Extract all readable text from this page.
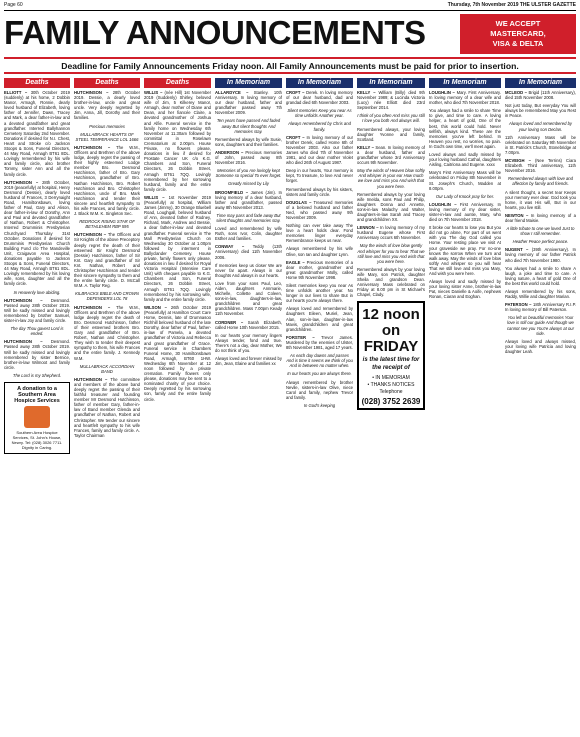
Page 60	Thursday, 7th November 2019 THE ULSTER GAZETTE
FAMILY ANNOUNCEMENTS	WE ACCEPT
MASTERCARD,
VISA & DELTA
Deadline for Family Announcements Friday noon. All Family Announcements must be paid for prior to insertion.
Deaths

ELLIOTT – 30th October 2019 (suddenly) at his home, 2 Dobbin Manor, Armagh, Ronnie, dearly loved husband of Elizabeth, loving father of Jennifer, Dawn, Tracey and Mark, a dear father-in-law and a devoted grandfather and great grandfather. Interred Ballyhannon Cemetery Saturday 2nd November. Donations if desired for N.I. Chest, Heart and Stroke c/o Jackson Stoops & Sons, Funeral Directors, 44 May Road, Armagh BT61 8DL. Lovingly remembered by his wife and family circle, also brother Tommy, sister Ann and all the family circle.

HUTCHINSON – 28th October, 2019 (peacefully) at hospital, Henry Desmond (Dessie), dearly loved husband of Frances, 3 Derrynaight Road, Hamiltonsbawn, loving father of Paul, Gary and Alison, dear father-in-law of Dorothy, Ann and Paul and devoted grandfather of Nathan, Robert & Christopher. Interred Drumminis Presbyterian Churchyard Thursday 31st October. Donations if desired for Drumminis Presbyterian Church Building Fund c/o The Mandeville Unit, Craigavon Area Hospital, donations payable to Jackson Stoops & Sons, Funeral Directors, 44 May Road, Armagh BT61 8DL. Lovingly remembered by his loving wife, sons, daughter and all the family circle.

In Heavenly love abiding.

HUTCHINSON – Desmond. Passed away 28th October 2019. Will be sadly missed and lovingly remembered by brother Samuel, sister-in-law Joy and family circle.

The day Thou gavest Lord is ended.

HUTCHINSON – Desmond. Passed away 28th October 2019. Will be sadly missed and lovingly remembered by sister Bernice, brother-in-law Wilmoot and family circle.

The Lord is my Shepherd.

A donation to a
Southern Area
Hospice Services
Southern Area Hospice Services, St. John's House, Newry. Tel: (028) 3026 7711. Dignity in Caring.
Deaths

HUTCHINSON – 28th October 2019. Dessie, a dearly loved brother-in-law, uncle and great uncle. Very deeply regretted by Jim, Anna, Jill, Dorothy and their families.

Precious memories

MULLABRACK HEARTS OF STEEL TEMPERANCE LOL 1666

HUTCHINSON – The W.M., Officers and Brethren of the above lodge, deeply regret the passing of their highly esteemed Lodge member Bro. Desmond Hutchinson, father of Bro. Gary Hutchinson, grandfather of Bro. Nathan Hutchinson, Bro. Robert Hutchinson and Bro. Christopher Hutchinson, uncle of Bro. Mark Hutchinson and tender their sincere and heartfelt sympathy to his wife Frances, and family circle. J. Black W.M. K. Singleton Sec.

REDROCK RISING STAR OF BETHLEHEM RBP 595

HUTCHINSON – The Officers and Sir Knights of the above Preceptory deeply regret the death of their esteemed Sir Knight Desmond (Dessie) Hutchinson, father of Sir Knt. Gary and grandfather of Sir Knt. Nathan, Robert and Christopher Hutchinson and tender their sincere sympathy to them and the entire family circle. D. McCall W.M. A. Taylor Reg.

KILBRACKS BIBLE AND CROWN DEFENDERS LOL 78

HUTCHINSON – The W.M., Officers and Brethren of the above lodge deeply regret the death of Bro. Desmond Hutchinson, father of their esteemed brothers Bro. Gary and grandfather of Bro. Robert, Nathan and Christopher. They wish to tender their deepest sympathy to them, his wife Frances and the entire family. J. Kennedy W.M.

MULLABRACK ACCORDIAN BAND

HUTCHINSON – The committee and members of the above band deeply regret the passing of their faithful treasurer and founding member Mr Desmond Hutchinson, father of member Gary, father-in-law of Band member Glenda and grandfather of Nathan, Robert and Christopher. We tender our sincere and heartfelt sympathy to his wife Frances, family and family circle. A. Taylor Chairman

Deaths

WILLIS – (née Hill) 1st November 2019 (Suddenly) Shirley, beloved wife of Jim, 5 Kilkerey Manor, Armagh, dear mother of Diane and Dean, and her fiancée Claire, a devoted grandmother of Joshua and Alfie. Funeral service in the family home on Wednesday 6th November at 11.30am followed by committal in Roselawn Crematorium at 2.00pm. House Private, no flowers please, donations in lieu if desired for Prostate Cancer UK c/o K.G. Chambers and Son, Funeral Directors, 26 Dobbin Street, Armagh BT61 7QQ. Lovingly remembered by her sorrowing husband, family and the entire family circle.

WILLIS – 1st November 2019 (Peacefully) at hospital, William James (Jimmy), 30 Orange Bluebell Road, Loughgall, beloved husband of Ann, devoted father of Rodney, Richard, Mark, Andrew and Bessie, a dear father-in-law and devoted grandfather. Funeral service in The Mall Presbyterian Church on Wednesday 30 October at 1.00pm followed by interment in Ballyclander Cemetery. House private, family flowers only please, donations in lieu if desired for Royal Victoria Hospital (Intensive Care Unit) with cheques payable to K.G. Chambers and Son, Funeral Directors, 26 Dobbin Street, Armagh BT61 7QQ. Lovingly remembered by his sorrowing wife, family and the entire family circle.

WILSON – 26th October 2019 (Peacefully) at Hamilton Court Care Home, Dennis, late of Drumnasoo Richhill beloved husband of the late Dorothy, dear father of Paul, father-in-law of Pamela, a devoted grandfather of Victoria and Rebecca and great grandfather of Grace. Funeral service in Chambers Funeral Home, 30 Hamiltonsbawn Road, Armagh, BT60 1HW. Wednesday 6th November at 12 noon followed by a private cremation. Family flowers only please, donations may be sent to a nominated charity of your choice. Deeply regretted by his sorrowing son, family and the entire family circle.

In Memoriam

ALLARDYCE – Stanley. 10th Anniversary. In loving memory of our dear husband, father and grandfather passed away 7th November 2009.

Ten years have passed And faded away But silent thoughts And memories stay.

Remembered always by wife Susie, sons, daughters and their families.

ANDERSON – Precious memories of John, passed away 8th November 2016.

Memories of you Are lovingly kept Someone so special To ever forget.

Greatly missed by Lily

BROOMFIELD – James (Jim). In loving memory of a dear husband, father and grandfather, passed away 8th November 2013.

Time may pass and fade away But silent thoughts and memories stay.

Loved and remembered by wife Ruth, sons Ivor, Colin, daughter Esther and families.

CONWAY – Teddy (13th Anniversary) died 11th November 2006.

If memories keep us closer We are never far apart. Always in our thoughts And always in our hearts.

Love from your sons Paul, Leo, Aiden, daughters Annmarie, Michelle, Collette and Coleen, sons-in-law, daughters-in-law, grandchildren and great grandchildren. Mass 7.00pm Keady 11th November.

CORDNER – Sarah Elizabeth, called Home 10th November 2015.

In our hearts your memory lingers Always tender, fond and true. There's not a day, dear Mother, We do not think of you.

Always loved and forever missed by Jim, Jean, Elaine and families xx

In Memoriam

CROFT – Derek. In loving memory of our dear husband, dad and grandad died 6th November 2003.

Silent memories Keep you near As time unfolds Another year.

Always remembered by Chris and family.

CROFT – In loving memory of our brother Derek, called Home 6th of November 2003. Also our father James who died 7th of November 1981, and our dear mother Violet who died 26th of August 1987.

Deep in our hearts, Your memory is kept, To treasure, to love And never forget.

Remembered always by his sisters, sisters and family circle.

DOUGLAS – Treasured memories of a beloved husband and father Ned, who passed away 9th November 2009.

Nothing can ever take away The love a heart holds dear. Fond memories linger everyday Remembrance keeps us near.

Always remembered by his wife Olive, son Ian and daughter Lynn.

EAGLE – Precious memories of a dear mother, grandmother and great grandmother Molly, called Home 9th November 1998.

Silent memories keep you near As time unfolds another year. No longer in our lives to share But in our hearts you're always there.

Always loved and remembered by daughters Eileen, Muriel, Jean, Alan, son-in-law, daughter-in-law Mavis, grandchildren and great grandchildren.

FORSTER – Trevor James. Murdered by the enemies of Ulster, 8th November 1981, aged 17 years.

As each day dawns and passes And is time it seems we think of you And in between no matter when.

In our hearts you are always there.

Always remembered by brother Nevile, sisters-in-law Olive, niece Carol and family, nephew Trevor and family.

In God's keeping

In Memoriam

KELLY – William (Billy) died 9th November 1989; & Lucinda Victoria (Lucy) née Elliott died 23rd September 2014.

I think of you often And miss you still I love you both And always will.

Remembered always, your loving daughter Yvonne and family, Scotland.

KELLY – Sean. In loving memory of a dear husband, father and grandfather whose 3rd Anniversary occurs 9th November.

May the winds of Heaven blow softly And whisper in your ear How much we love and miss you And wish that you were here.

Remembered always by your loving wife Imelda, sons Paul and Philip, daughters Donna and Annette, sons-in-law Malachy and Walter, daughters-in-law Sarah and Tracey and grandchildren XX.

LENNON – In loving memory of my husband Eugene whose First Anniversary occurs 6th November.

May the winds of love blow gently And whisper for you to hear That we still love and miss you And wish that you were here.

Remembered always by your loving wife Mary, son Patrick, daughter Sheila and grandson Dean. Anniversary Mass celebrated on Friday at 8.00 pm in St Michael's Chapel, Clady.

12 noon on
FRIDAY
is the latest time for
the receipt of
• IN MEMORIAM
• THANKS NOTICES
Telephone
(028) 3752 2639
In Memoriam

LOUGHLIN – Mary. First Anniversary. In loving memory of a dear wife and mother, who died 7th November 2018.

You always had a smile to share Time to give, and time to care. A loving helper, a heart of gold, One of the best, this world could hold. Never selfish, always kind. These are the memories you've left behind. In Heaven you rest, no worries, no pain. In God's own time, we'll meet again.

Loved always and sadly missed by your loving husband Cathal, daughters Aisling, Caitriona and Eugene. xxxx

Mary's First Anniversary Mass will be celebrated on Friday 8th November in St. Joseph's Church, Madden at 8.00pm.

Our Lady of Knock pray for her.

LOUGHLIN – First Anniversary. In loving memory of my dear sister, sister-in-law and auntie, Mary, who died on 7th November 2018.

It broke our hearts to lose you But you did not go alone, For part of us went with you The day God called you Home. Your resting place we visit At your graveside we pray. For no-one knows the sorrow When we turn and walk away. May the winds of love blow softly And whisper so you will hear That we still love and miss you Mary, And wish you were here.

Always loved and sadly missed by your loving sister Anne, brother-in-law Pat, nieces Danielle & Aoife, nephews Ronan, Ciaran and Eoghan.

In Memoriam

MCLEOD – Brigid (11th Anniversary), died 15th November 2008.

Not just today, But everyday You will always be remembered May you Rest in Peace.

Always loved and remembered by your loving son Declan.

11th Anniversary Mass will be celebrated on Saturday 9th November in St. Patrick's Church, Stonebridge at 7.00pm.

MCVEIGH – (Nee Terrins) Ciara Elizabeth. Third anniversary, 11th November 2016.

Remembered always with love and affection by family and friends.

A silent thought, a secret tear Keeps your memory ever dear. God took you home, it was His will, But in our hearts, you live still.

NEWTON – In loving memory of a dear friend Maisie.

A little tribute to one we loved Just to show I still remember.

Heather Peace perfect peace.

NUGENT – (39th Anniversary). In loving memory of our father Patrick who died 7th November 1980.

You always had a smile to share A laugh, a joke and time to care. A loving nature, a heart of gold One of the best this world could hold.

Always remembered by his sons, Raddy, Willie and daughter Marian.

PATERSON – 18th Anniversary R.I.P. In loving memory of Bill Paterson.

You left us beautiful memories Your love is still our guide And though we cannot see you You're always at our side.

Always loved and always missed, your loving wife Patricia and loving daughter Leah.
